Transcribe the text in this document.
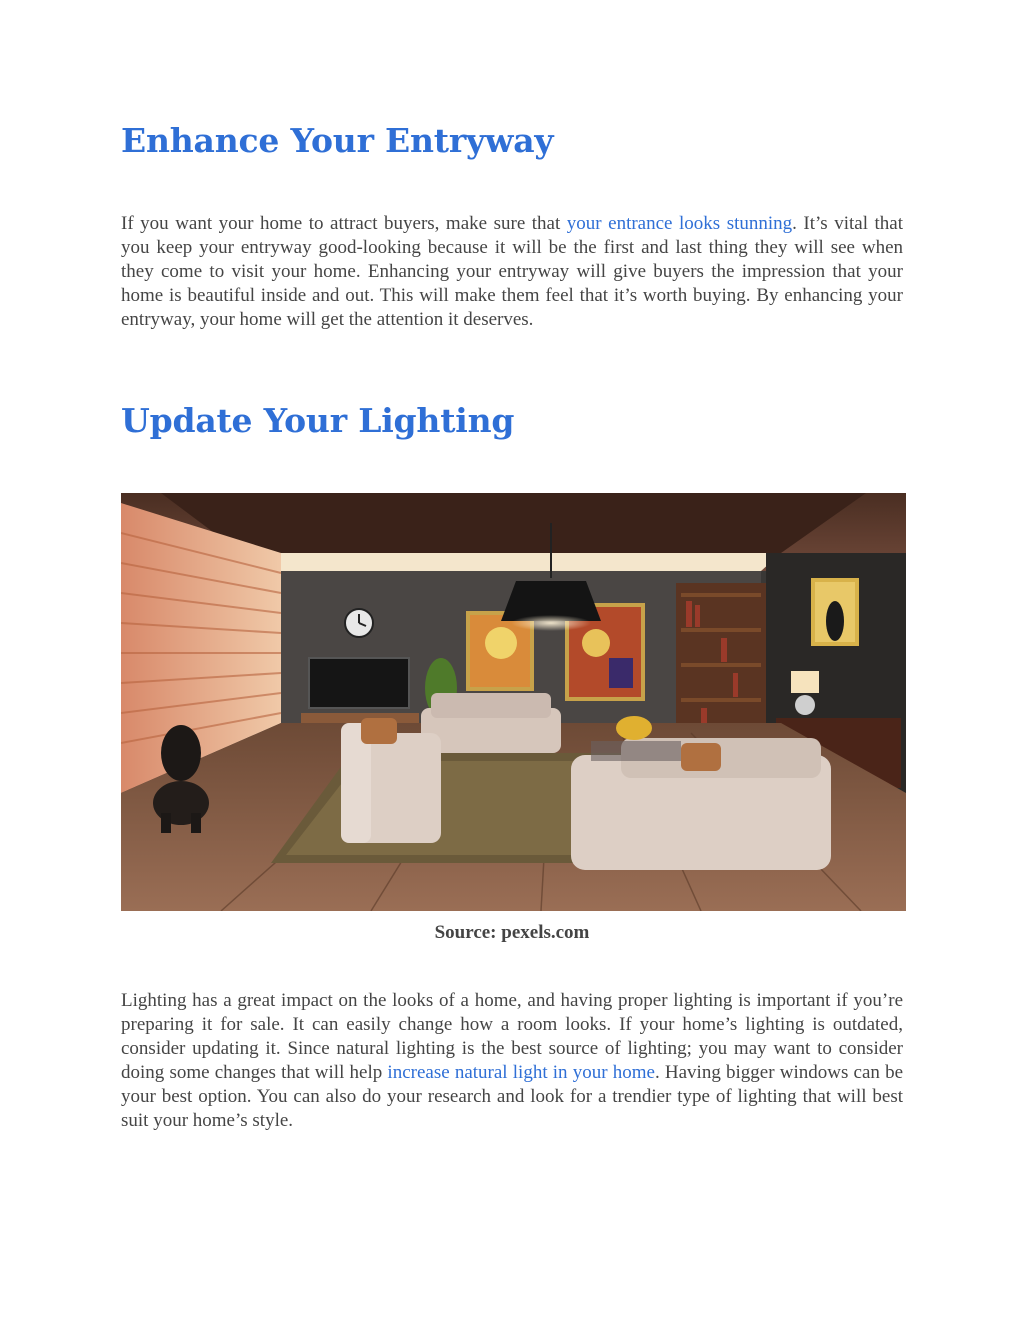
Enhance Your Entryway

If you want your home to attract buyers, make sure that your entrance looks stunning. It’s vital that you keep your entryway good-looking because it will be the first and last thing they will see when they come to visit your home. Enhancing your entryway will give buyers the impression that your home is beautiful inside and out. This will make them feel that it’s worth buying. By enhancing your entryway, your home will get the attention it deserves.

Update Your Lighting
Source: pexels.com

Lighting has a great impact on the looks of a home, and having proper lighting is important if you’re preparing it for sale. It can easily change how a room looks. If your home’s lighting is outdated, consider updating it. Since natural lighting is the best source of lighting; you may want to consider doing some changes that will help increase natural light in your home. Having bigger windows can be your best option. You can also do your research and look for a trendier type of lighting that will best suit your home’s style.
